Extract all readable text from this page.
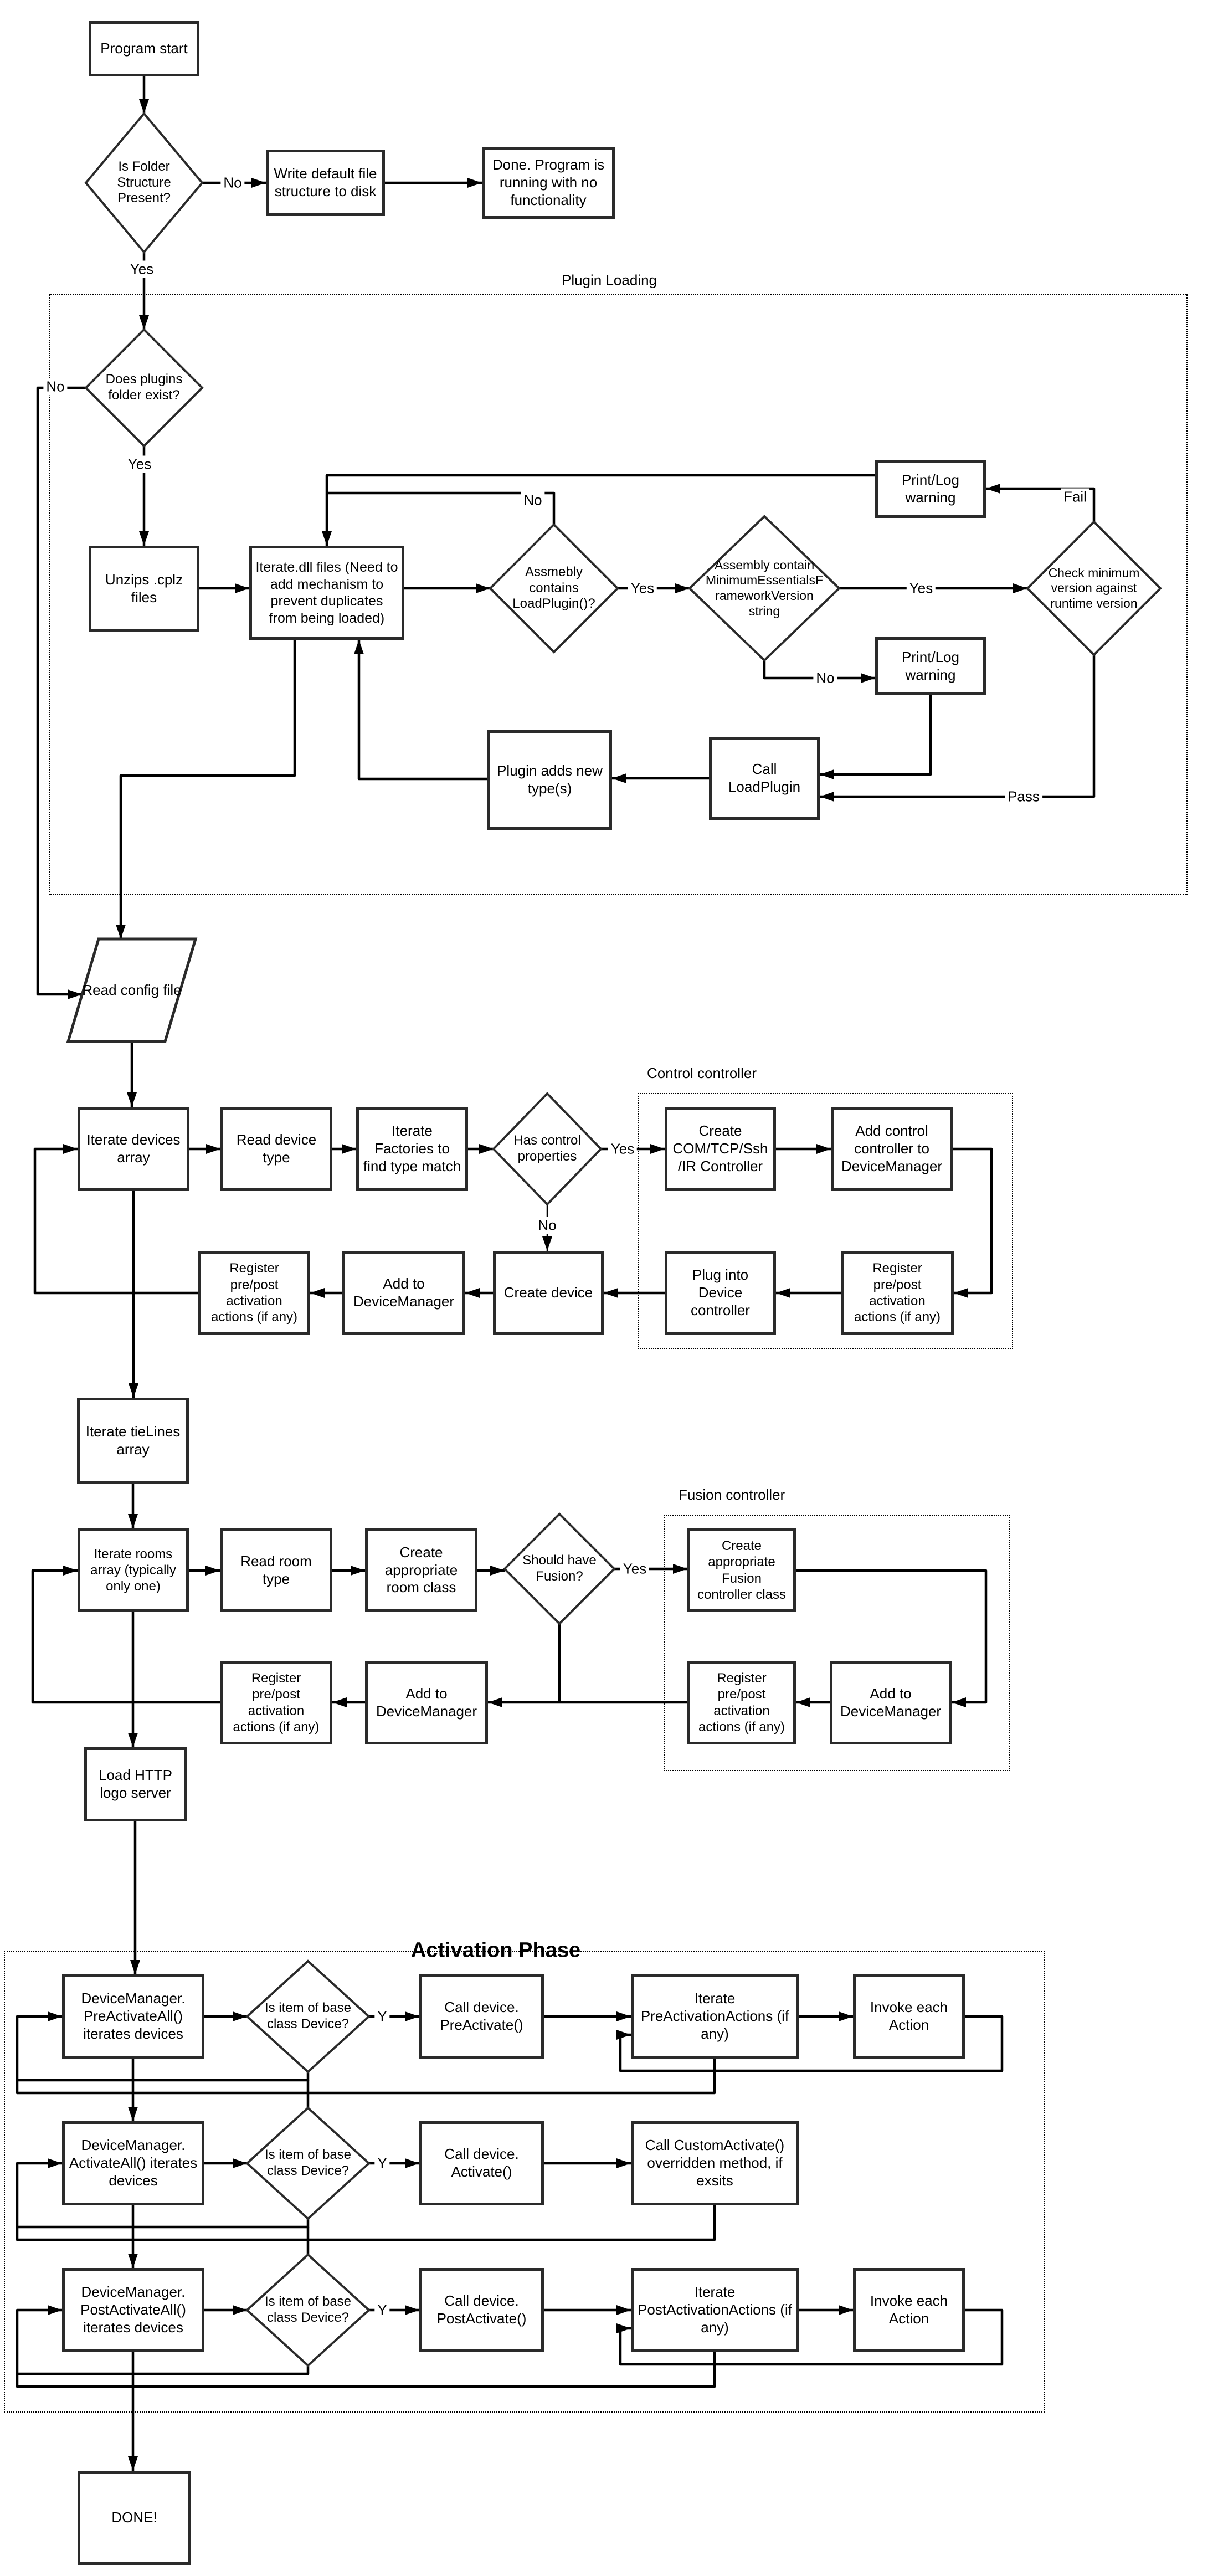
Plugin Loading
Control controller
Fusion controller
Activation Phase
Program start
Write default file structure to disk
Done. Program is running with no functionality
Unzips .cplz files
Iterate.dll files (Need to add mechanism to prevent duplicates from being loaded)
Print/Log warning
Print/Log warning
Call LoadPlugin
Plugin adds new type(s)
Iterate devices array
Read device type
Iterate Factories to find type match
Create COM/TCP/Ssh /IR Controller
Add control controller to DeviceManager
Register pre/post activation actions (if any)
Plug into Device controller
Create device
Add to DeviceManager
Register pre/post activation actions (if any)
Iterate tieLines array
Iterate rooms array (typically only one)
Read room type
Create appropriate room class
Create appropriate Fusion controller class
Add to DeviceManager
Register pre/post activation actions (if any)
Add to DeviceManager
Register pre/post activation actions (if any)
Load HTTP logo server
DeviceManager. PreActivateAll() iterates devices
Call device. PreActivate()
Iterate PreActivationActions (if any)
Invoke each Action
DeviceManager. ActivateAll() iterates devices
Call device. Activate()
Call CustomActivate() overridden method, if exsits
DeviceManager. PostActivateAll() iterates devices
Call device. PostActivate()
Iterate PostActivationActions (if any)
Invoke each Action
DONE!
Is Folder Structure Present?
Does plugins folder exist?
Assmebly contains LoadPlugin()?
Assembly contain MinimumEssentialsFrameworkVersion string
Check minimum version against runtime version
Has control properties
Should have Fusion?
Is item of base class Device?
Is item of base class Device?
Is item of base class Device?
Read config file
No
Yes
No
Yes
No
Yes	Yes
Fail
No
Pass
Yes
No
Yes
Y
Y
Y
